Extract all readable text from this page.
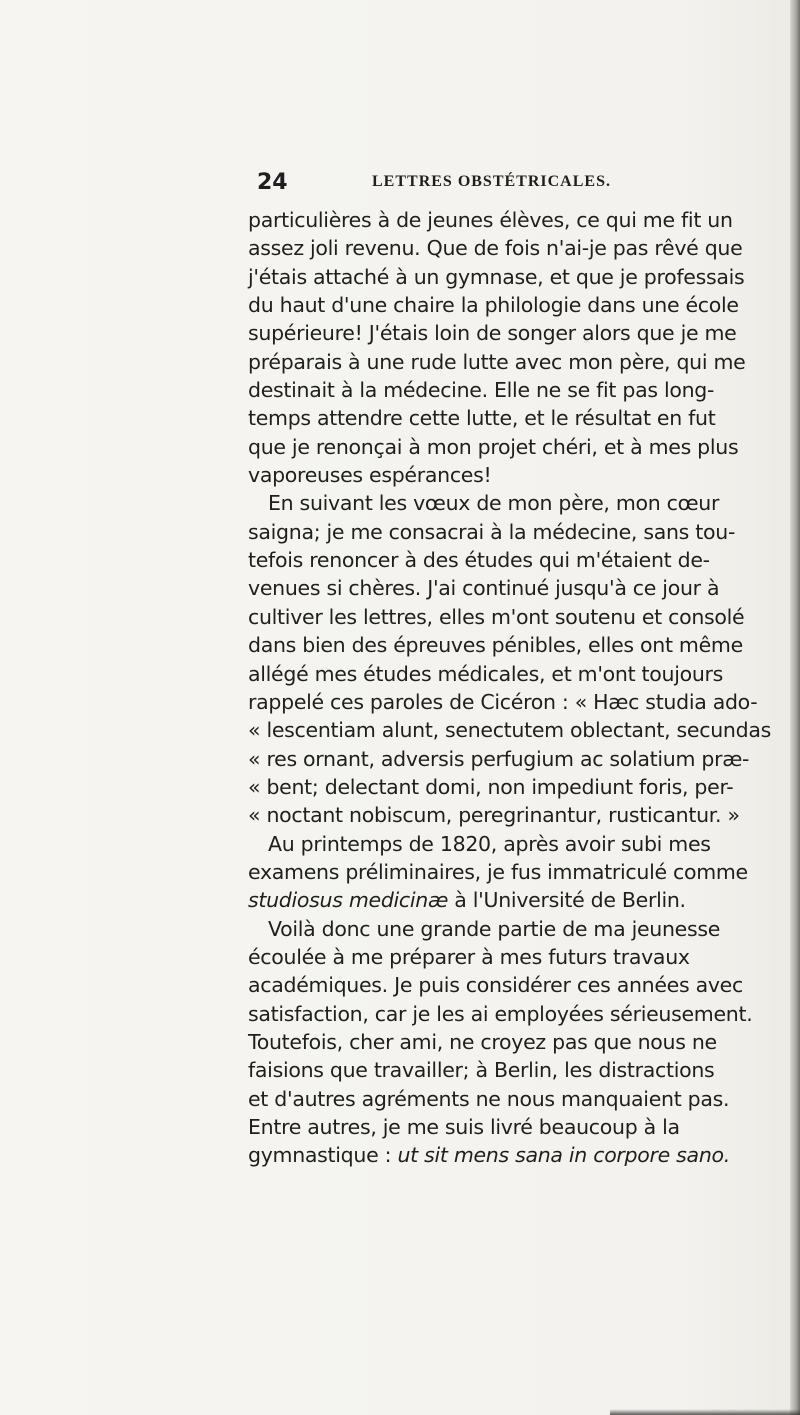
24	LETTRES OBSTÉTRICALES.
particulières à de jeunes élèves, ce qui me fit un
assez joli revenu. Que de fois n'ai-je pas rêvé que
j'étais attaché à un gymnase, et que je professais
du haut d'une chaire la philologie dans une école
supérieure! J'étais loin de songer alors que je me
préparais à une rude lutte avec mon père, qui me
destinait à la médecine. Elle ne se fit pas long-
temps attendre cette lutte, et le résultat en fut
que je renonçai à mon projet chéri, et à mes plus
vaporeuses espérances!
En suivant les vœux de mon père, mon cœur
saigna; je me consacrai à la médecine, sans tou-
tefois renoncer à des études qui m'étaient de-
venues si chères. J'ai continué jusqu'à ce jour à
cultiver les lettres, elles m'ont soutenu et consolé
dans bien des épreuves pénibles, elles ont même
allégé mes études médicales, et m'ont toujours
rappelé ces paroles de Cicéron : « Hæc studia ado-
« lescentiam alunt, senectutem oblectant, secundas
« res ornant, adversis perfugium ac solatium præ-
« bent; delectant domi, non impediunt foris, per-
« noctant nobiscum, peregrinantur, rusticantur. »
Au printemps de 1820, après avoir subi mes
examens préliminaires, je fus immatriculé comme
studiosus medicinæ à l'Université de Berlin.
Voilà donc une grande partie de ma jeunesse
écoulée à me préparer à mes futurs travaux
académiques. Je puis considérer ces années avec
satisfaction, car je les ai employées sérieusement.
Toutefois, cher ami, ne croyez pas que nous ne
faisions que travailler; à Berlin, les distractions
et d'autres agréments ne nous manquaient pas.
Entre autres, je me suis livré beaucoup à la
gymnastique : ut sit mens sana in corpore sano.
